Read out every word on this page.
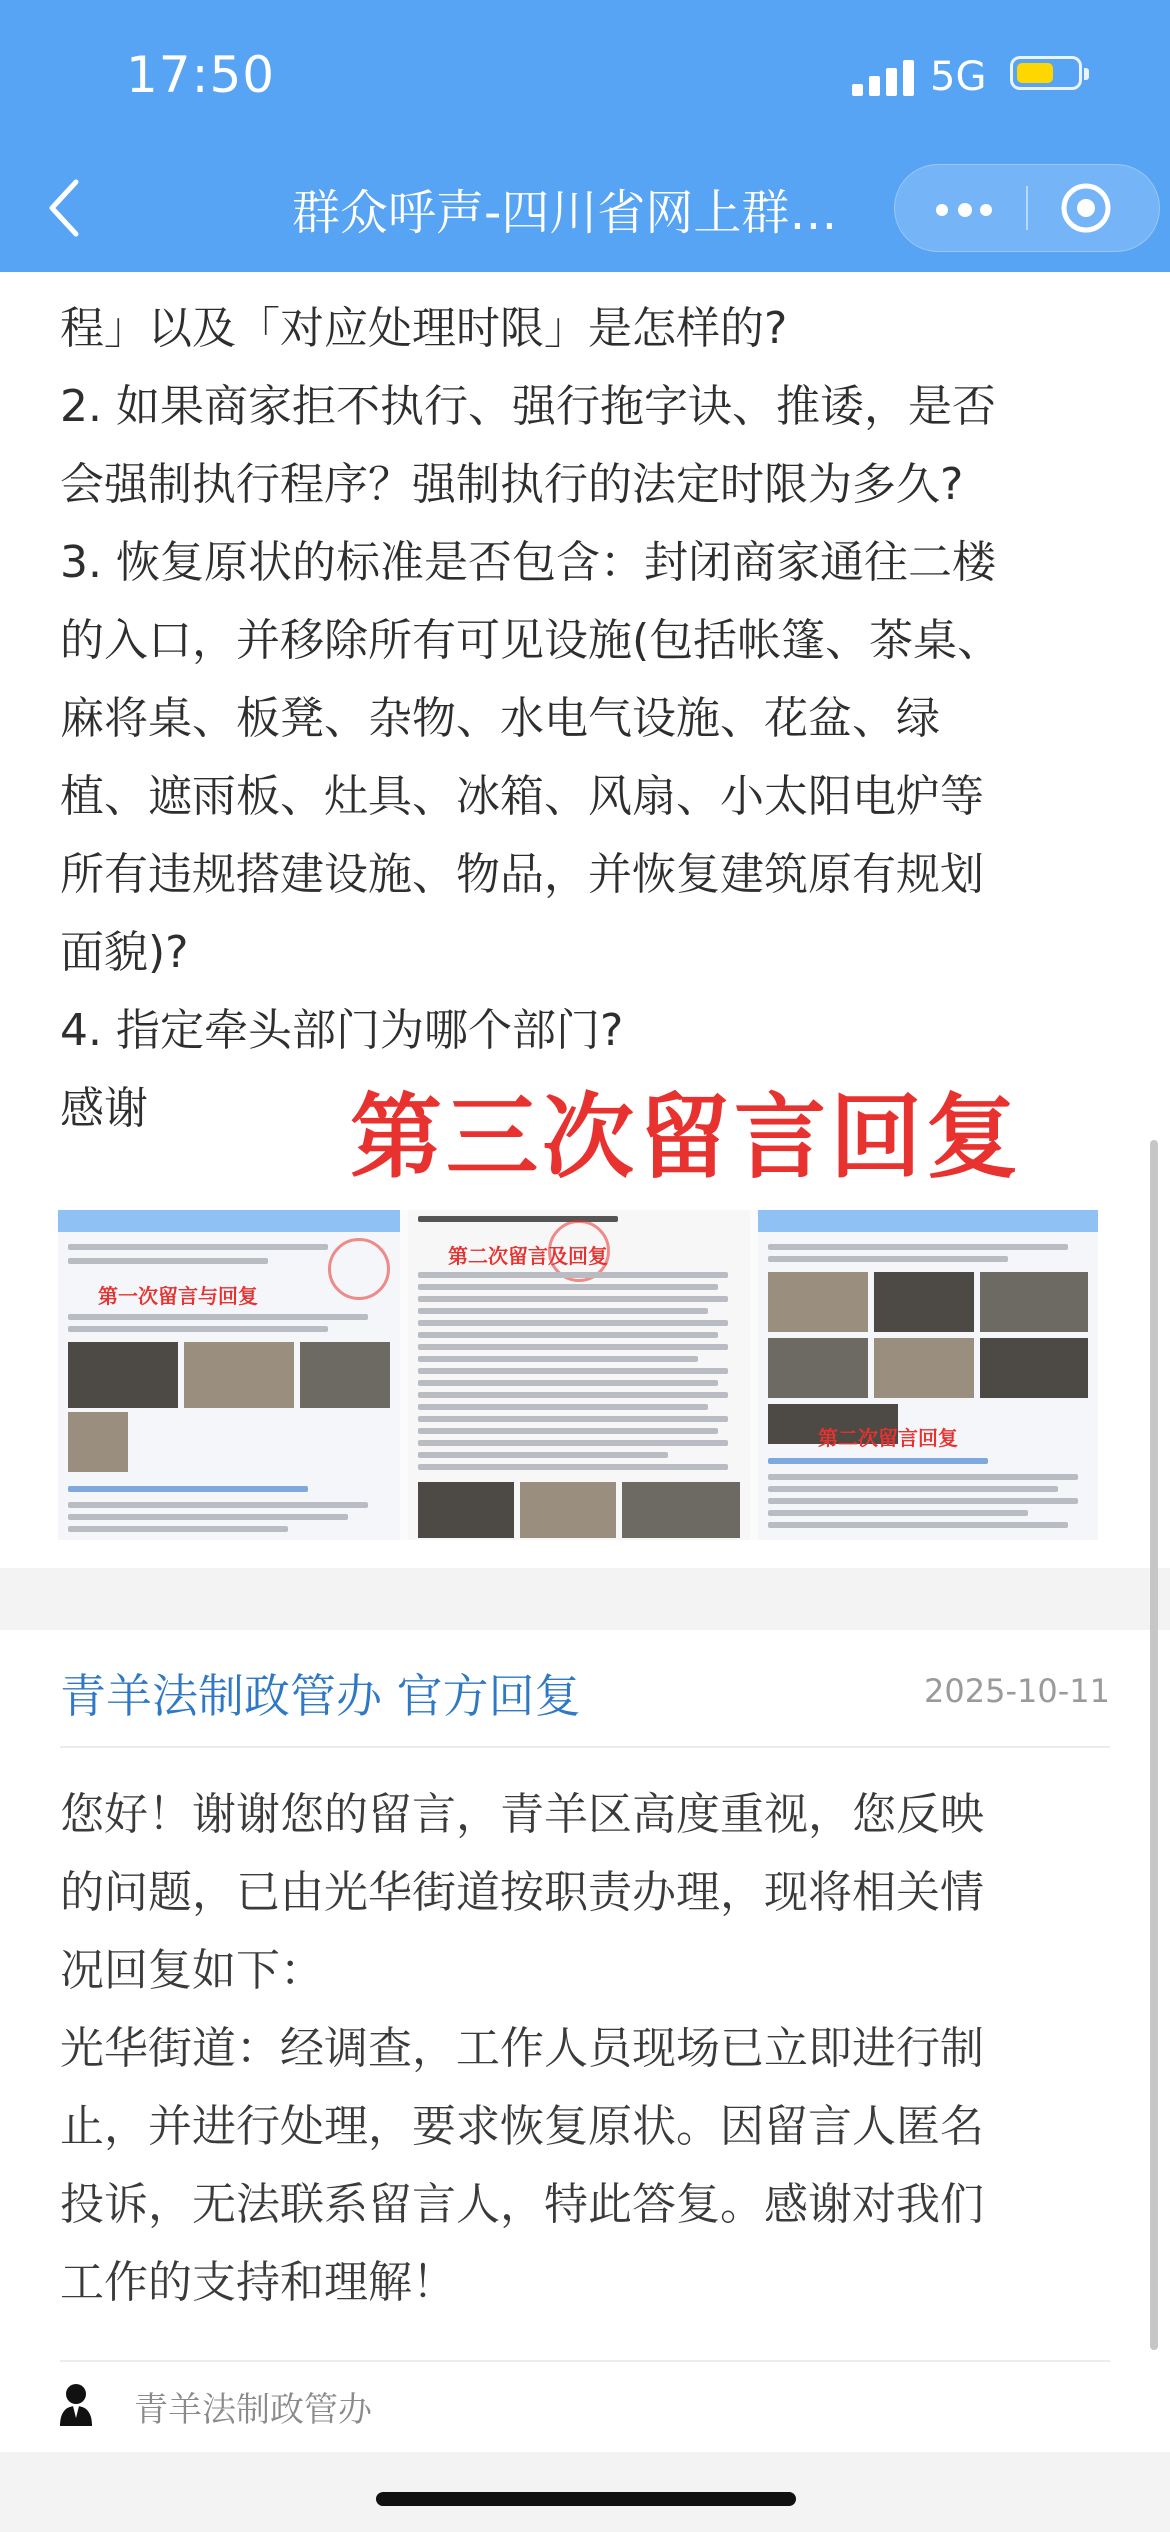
17:50	5G
群众呼声-四川省网上群…
程」以及「对应处理时限」是怎样的?
2. 如果商家拒不执行、强行拖字诀、推诿，是否
会强制执行程序？强制执行的法定时限为多久?
3. 恢复原状的标准是否包含：封闭商家通往二楼
的入口，并移除所有可见设施(包括帐篷、茶桌、
麻将桌、板凳、杂物、水电气设施、花盆、绿
植、遮雨板、灶具、冰箱、风扇、小太阳电炉等
所有违规搭建设施、物品，并恢复建筑原有规划
面貌)?
4. 指定牵头部门为哪个部门?
感谢	第三次留言回复
第一次留言与回复
第二次留言及回复
第二次留言回复
青羊法制政管办 官方回复	2025-10-11
您好！谢谢您的留言，青羊区高度重视，您反映
的问题，已由光华街道按职责办理，现将相关情
况回复如下：
光华街道：经调查，工作人员现场已立即进行制
止，并进行处理，要求恢复原状。因留言人匿名
投诉，无法联系留言人，特此答复。感谢对我们
工作的支持和理解！
青羊法制政管办
